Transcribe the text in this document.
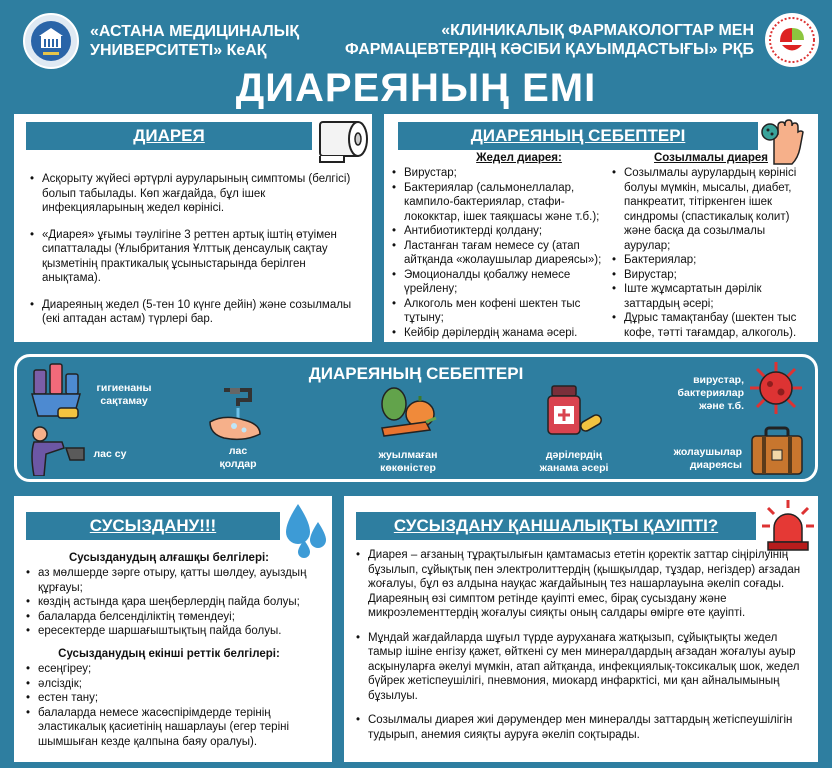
«АСТАНА МЕДИЦИНАЛЫҚ
УНИВЕРСИТЕТІ» КеАҚ
«КЛИНИКАЛЫҚ ФАРМАКОЛОГТАР МЕН
ФАРМАЦЕВТЕРДІҢ КӘСІБИ ҚАУЫМДАСТЫҒЫ» РҚБ
ДИАРЕЯНЫҢ ЕМІ
ДИАРЕЯ
• Асқорыту жүйесі әртүрлі ауруларының симптомы (белгісі) болып табылады. Көп жағдайда, бұл ішек инфекцияларының жедел көрінісі.
• «Диарея» ұғымы тәулігіне 3 реттен артық іштің өтуімен сипатталады (Ұлыбритания Ұлттық денсаулық сақтау қызметінің практикалық ұсыныстарында берілген анықтама).
• Диареяның жедел (5-тен 10 күнге дейін) және созылмалы (екі аптадан астам) түрлері бар.
ДИАРЕЯНЫҢ СЕБЕПТЕРІ
Жедел диарея:	Созылмалы диарея
• Вирустар;
• Бактериялар (сальмонеллалар, кампило-бактериялар, стафи-лококктар, ішек таяқшасы және т.б.);
• Антибиотиктерді қолдану;
• Ластанған тағам немесе су (атап айтқанда «жолаушылар диареясы»);
• Эмоционалды қобалжу немесе үрейлену;
• Алкоголь мен кофені шектен тыс тұтыну;
• Кейбір дәрілердің жанама әсері.
• Созылмалы аурулардың көрінісі болуы мүмкін, мысалы, диабет, панкреатит, тітіркенген ішек синдромы (спастикалық колит) және басқа да созылмалы аурулар;
• Бактериялар;
• Вирустар;
• Іште жұмсартатын дәрілік заттардың әсері;
• Дұрыс тамақтанбау (шектен тыс кофе, тәтті тағамдар, алкоголь).
ДИАРЕЯНЫҢ СЕБЕПТЕРІ
гигиенаны
сақтамау
лас су	лас
қолдар
жуылмаған
көкөністер
дәрілердің
жанама әсері
вирустар,
бактериялар
және т.б.
жолаушылар
диареясы
СУСЫЗДАНУ!!!
Сусызданудың алғашқы белгілері:
• аз мөлшерде зәрге отыру, қатты шөлдеу, ауыздың құрғауы;
• көздің астында қара шеңберлердің пайда болуы;
• балаларда белсенділіктің төмендеуі;
• ересектерде шаршағыштықтың пайда болуы.
Сусызданудың екінші реттік белгілері:
• есеңгіреу;
• әлсіздік;
• естен тану;
• балаларда немесе жасөспірімдерде терінің эластикалық қасиетінің нашарлауы (егер теріні шымшыған кезде қалпына баяу оралуы).
СУСЫЗДАНУ ҚАНШАЛЫҚТЫ ҚАУІПТІ?
• Диарея – ағзаның тұрақтылығын қамтамасыз ететін қоректік заттар сіңірілуінің бұзылып, сұйықтық пен электролиттердің (қышқылдар, тұздар, негіздер) ағзадан жоғалуы, бұл өз алдына науқас жағдайының тез нашарлауына әкеліп соғады. Диареяның өзі симптом ретінде қауіпті емес, бірақ сусыздану және микроэлементтердің жоғалуы сияқты оның салдары өмірге өте қауіпті.
• Мұндай жағдайларда шұғыл түрде ауруханаға жатқызып, сұйықтықты жедел тамыр ішіне енгізу қажет, өйткені су мен минералдардың ағзадан жоғалуы ауыр асқынуларға әкелуі мүмкін, атап айтқанда, инфекциялық-токсикалық шок, жедел бүйрек жетіспеушілігі, пневмония, миокард инфарктісі, ми қан айналымының бұзылуы.
• Созылмалы диарея жиі дәрумендер мен минералды заттардың жетіспеушілігін тудырып, анемия сияқты ауруға әкеліп соқтырады.
